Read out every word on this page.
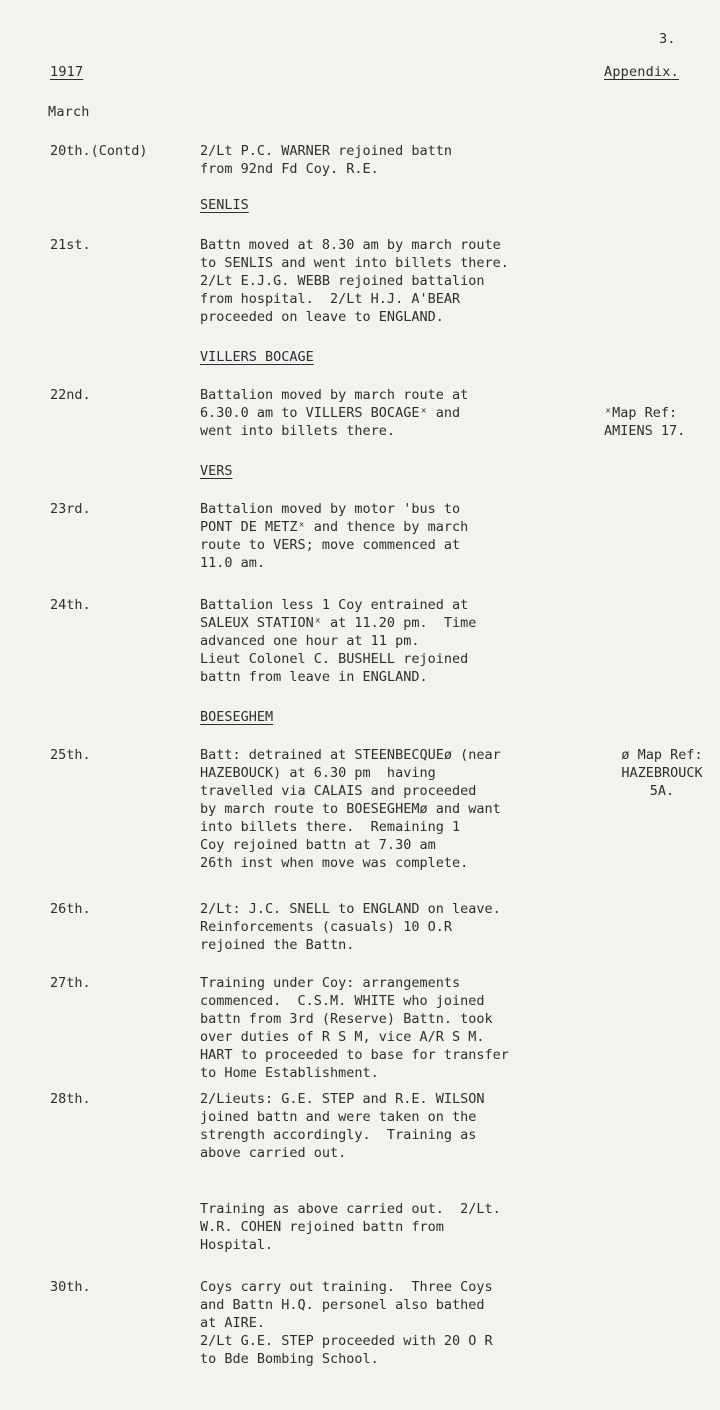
3.
1917	Appendix.
March
20th.(Contd)	2/Lt P.C. WARNER rejoined battn
from 92nd Fd Coy. R.E.
SENLIS
21st.	Battn moved at 8.30 am by march route
to SENLIS and went into billets there.
2/Lt E.J.G. WEBB rejoined battalion
from hospital.  2/Lt H.J. A'BEAR
proceeded on leave to ENGLAND.
VILLERS BOCAGE
22nd.	Battalion moved by march route at
6.30.0 am to VILLERS BOCAGEˣ and
went into billets there.
ˣMap Ref:
AMIENS 17.
VERS
23rd.	Battalion moved by motor 'bus to
PONT DE METZˣ and thence by march
route to VERS; move commenced at
11.0 am.
24th.	Battalion less 1 Coy entrained at
SALEUX STATIONˣ at 11.20 pm.  Time
advanced one hour at 11 pm.
Lieut Colonel C. BUSHELL rejoined
battn from leave in ENGLAND.
BOESEGHEM
25th.	Batt: detrained at STEENBECQUEø (near
HAZEBOUCK) at 6.30 pm  having
travelled via CALAIS and proceeded
by march route to BOESEGHEMø and want
into billets there.  Remaining 1
Coy rejoined battn at 7.30 am
26th inst when move was complete.
ø Map Ref:
HAZEBROUCK
5A.
26th.	2/Lt: J.C. SNELL to ENGLAND on leave.
Reinforcements (casuals) 10 O.R
rejoined the Battn.
27th.	Training under Coy: arrangements
commenced.  C.S.M. WHITE who joined
battn from 3rd (Reserve) Battn. took
over duties of R S M, vice A/R S M.
HART to proceeded to base for transfer
to Home Establishment.
28th.	2/Lieuts: G.E. STEP and R.E. WILSON
joined battn and were taken on the
strength accordingly.  Training as
above carried out.
Training as above carried out.  2/Lt.
W.R. COHEN rejoined battn from
Hospital.
30th.	Coys carry out training.  Three Coys
and Battn H.Q. personel also bathed
at AIRE.
2/Lt G.E. STEP proceeded with 20 O R
to Bde Bombing School.
